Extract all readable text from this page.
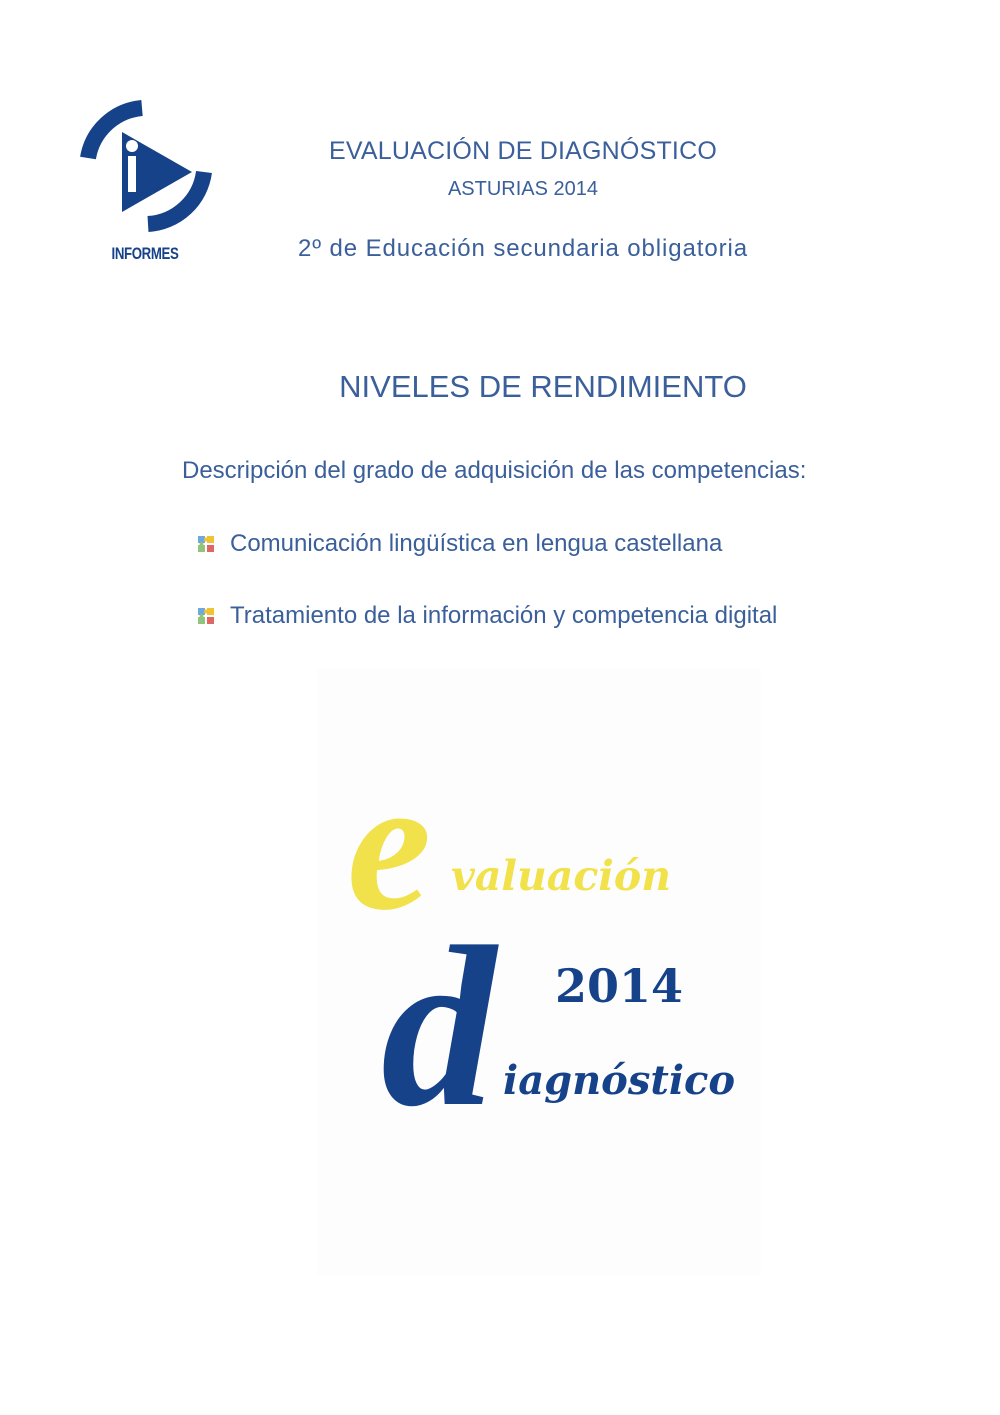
INFORMES
EVALUACIÓN DE DIAGNÓSTICO
ASTURIAS 2014
2º de Educación secundaria obligatoria
NIVELES DE RENDIMIENTO
Descripción del grado de adquisición de las competencias:
Comunicación lingüística en lengua castellana
Tratamiento de la información y competencia digital
e valuación
2014
d iagnóstico
